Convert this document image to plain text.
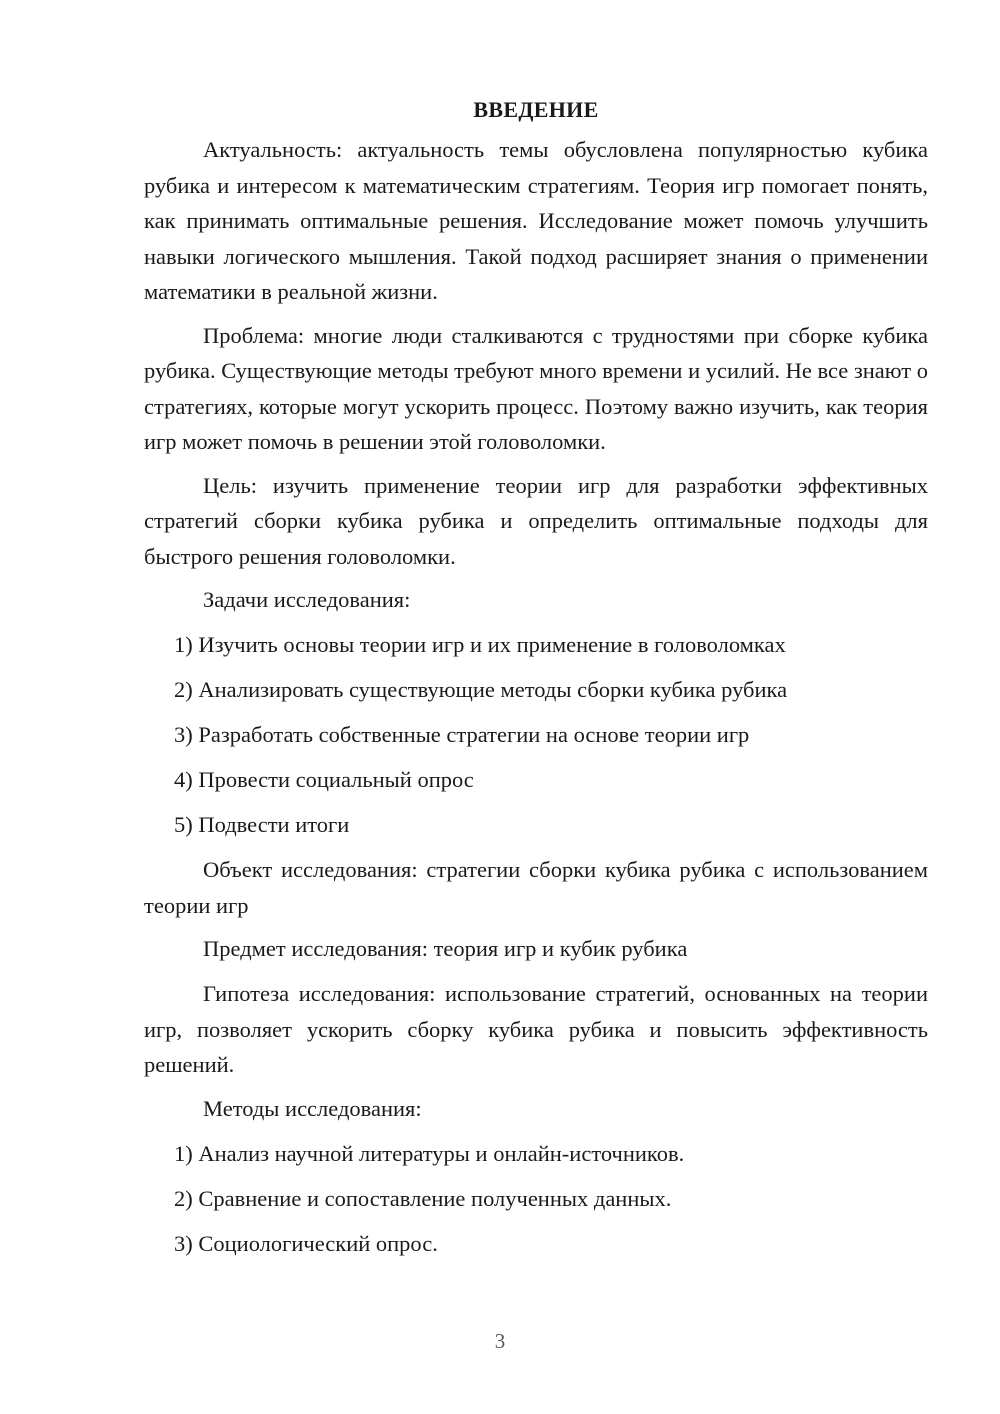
ВВЕДЕНИЕ

Актуальность: актуальность темы обусловлена популярностью кубика рубика и интересом к математическим стратегиям. Теория игр помогает понять, как принимать оптимальные решения. Исследование может помочь улучшить навыки логического мышления. Такой подход расширяет знания о применении математики в реальной жизни.

Проблема: многие люди сталкиваются с трудностями при сборке кубика рубика. Существующие методы требуют много времени и усилий. Не все знают о стратегиях, которые могут ускорить процесс. Поэтому важно изучить, как теория игр может помочь в решении этой головоломки.

Цель: изучить применение теории игр для разработки эффективных стратегий сборки кубика рубика и определить оптимальные подходы для быстрого решения головоломки.

Задачи исследования:

1) Изучить основы теории игр и их применение в головоломках

2) Анализировать существующие методы сборки кубика рубика

3) Разработать собственные стратегии на основе теории игр

4) Провести социальный опрос

5) Подвести итоги

Объект исследования: стратегии сборки кубика рубика с использованием теории игр

Предмет исследования: теория игр и кубик рубика

Гипотеза исследования: использование стратегий, основанных на теории игр, позволяет ускорить сборку кубика рубика и повысить эффективность решений.

Методы исследования:

1) Анализ научной литературы и онлайн-источников.

2) Сравнение и сопоставление полученных данных.

3) Социологический опрос.

3
